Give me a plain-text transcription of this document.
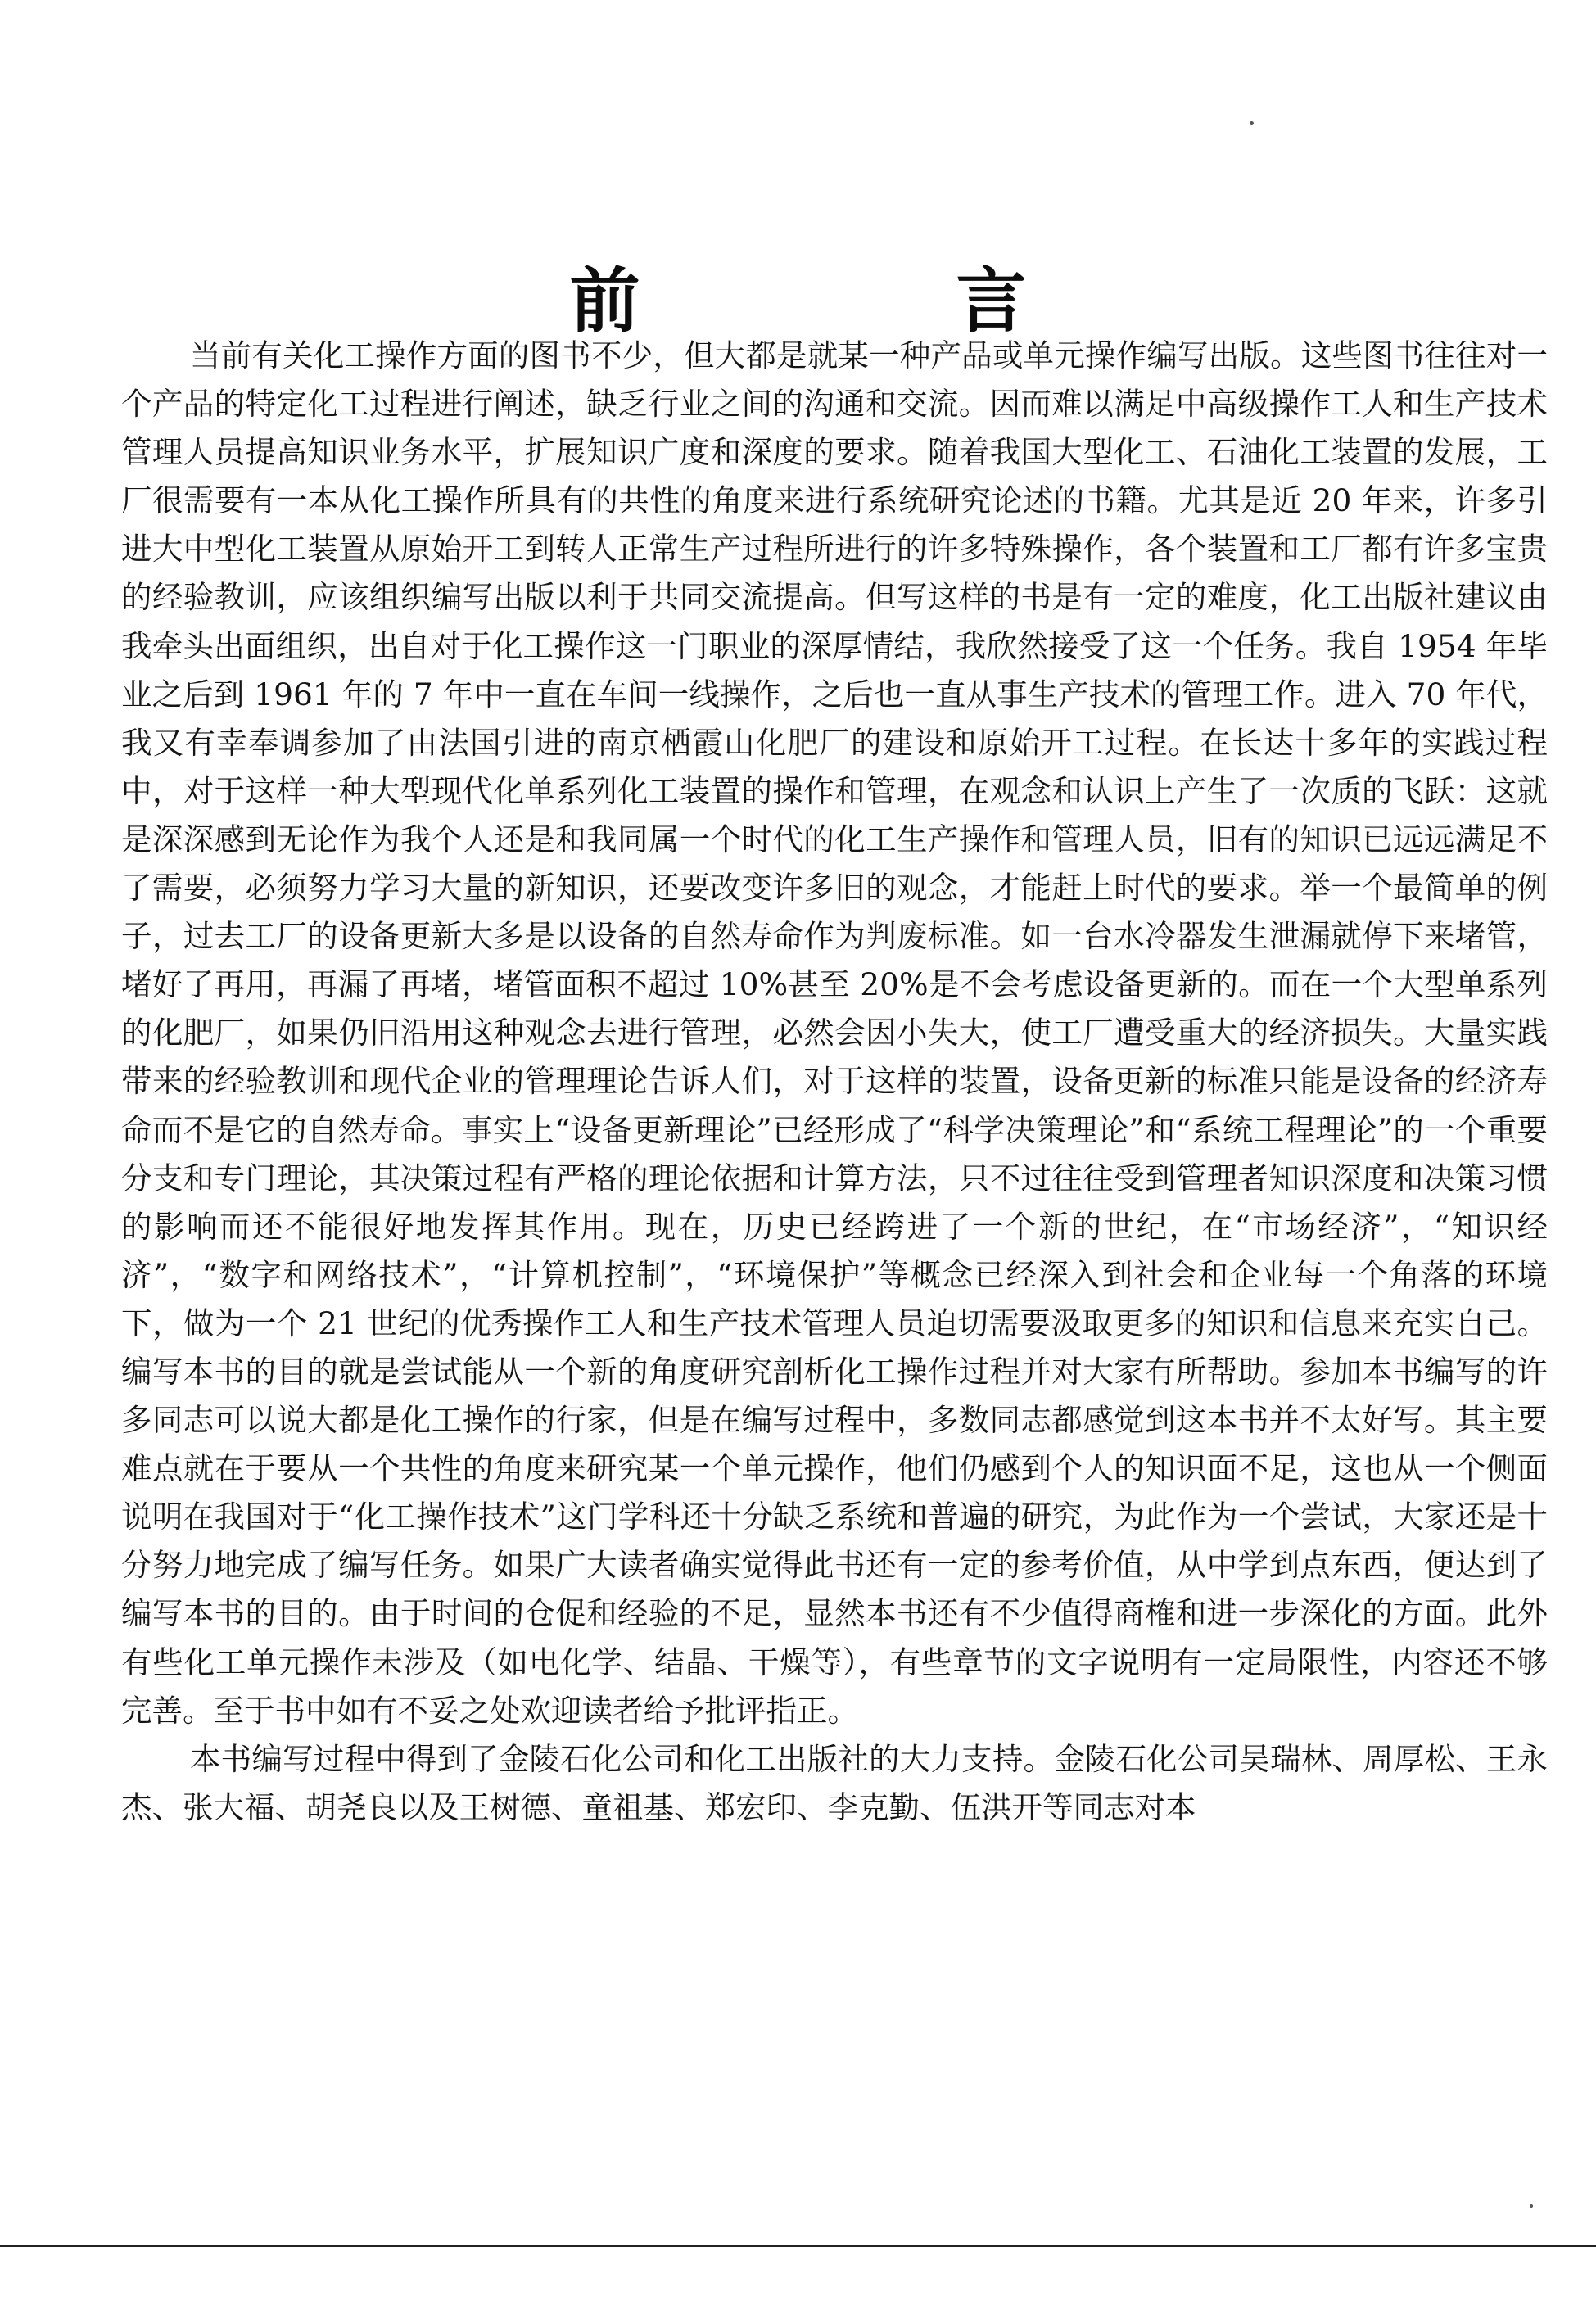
前　言

当前有关化工操作方面的图书不少，但大都是就某一种产品或单元操作编写出版。这些图书往往对一个产品的特定化工过程进行阐述，缺乏行业之间的沟通和交流。因而难以满足中高级操作工人和生产技术管理人员提高知识业务水平，扩展知识广度和深度的要求。随着我国大型化工、石油化工装置的发展，工厂很需要有一本从化工操作所具有的共性的角度来进行系统研究论述的书籍。尤其是近 20 年来，许多引进大中型化工装置从原始开工到转人正常生产过程所进行的许多特殊操作，各个装置和工厂都有许多宝贵的经验教训，应该组织编写出版以利于共同交流提高。但写这样的书是有一定的难度，化工出版社建议由我牵头出面组织，出自对于化工操作这一门职业的深厚情结，我欣然接受了这一个任务。我自 1954 年毕业之后到 1961 年的 7 年中一直在车间一线操作，之后也一直从事生产技术的管理工作。进入 70 年代，我又有幸奉调参加了由法国引进的南京栖霞山化肥厂的建设和原始开工过程。在长达十多年的实践过程中，对于这样一种大型现代化单系列化工装置的操作和管理，在观念和认识上产生了一次质的飞跃：这就是深深感到无论作为我个人还是和我同属一个时代的化工生产操作和管理人员，旧有的知识已远远满足不了需要，必须努力学习大量的新知识，还要改变许多旧的观念，才能赶上时代的要求。举一个最简单的例子，过去工厂的设备更新大多是以设备的自然寿命作为判废标准。如一台水冷器发生泄漏就停下来堵管，堵好了再用，再漏了再堵，堵管面积不超过 10%甚至 20%是不会考虑设备更新的。而在一个大型单系列的化肥厂，如果仍旧沿用这种观念去进行管理，必然会因小失大，使工厂遭受重大的经济损失。大量实践带来的经验教训和现代企业的管理理论告诉人们，对于这样的装置，设备更新的标准只能是设备的经济寿命而不是它的自然寿命。事实上“设备更新理论”已经形成了“科学决策理论”和“系统工程理论”的一个重要分支和专门理论，其决策过程有严格的理论依据和计算方法，只不过往往受到管理者知识深度和决策习惯的影响而还不能很好地发挥其作用。现在，历史已经跨进了一个新的世纪，在“市场经济”，“知识经济”，“数字和网络技术”，“计算机控制”，“环境保护”等概念已经深入到社会和企业每一个角落的环境下，做为一个 21 世纪的优秀操作工人和生产技术管理人员迫切需要汲取更多的知识和信息来充实自己。编写本书的目的就是尝试能从一个新的角度研究剖析化工操作过程并对大家有所帮助。参加本书编写的许多同志可以说大都是化工操作的行家，但是在编写过程中，多数同志都感觉到这本书并不太好写。其主要难点就在于要从一个共性的角度来研究某一个单元操作，他们仍感到个人的知识面不足，这也从一个侧面说明在我国对于“化工操作技术”这门学科还十分缺乏系统和普遍的研究，为此作为一个尝试，大家还是十分努力地完成了编写任务。如果广大读者确实觉得此书还有一定的参考价值，从中学到点东西，便达到了编写本书的目的。由于时间的仓促和经验的不足，显然本书还有不少值得商榷和进一步深化的方面。此外有些化工单元操作未涉及（如电化学、结晶、干燥等），有些章节的文字说明有一定局限性，内容还不够完善。至于书中如有不妥之处欢迎读者给予批评指正。

本书编写过程中得到了金陵石化公司和化工出版社的大力支持。金陵石化公司吴瑞林、周厚松、王永杰、张大福、胡尧良以及王树德、童祖基、郑宏印、李克勤、伍洪开等同志对本
